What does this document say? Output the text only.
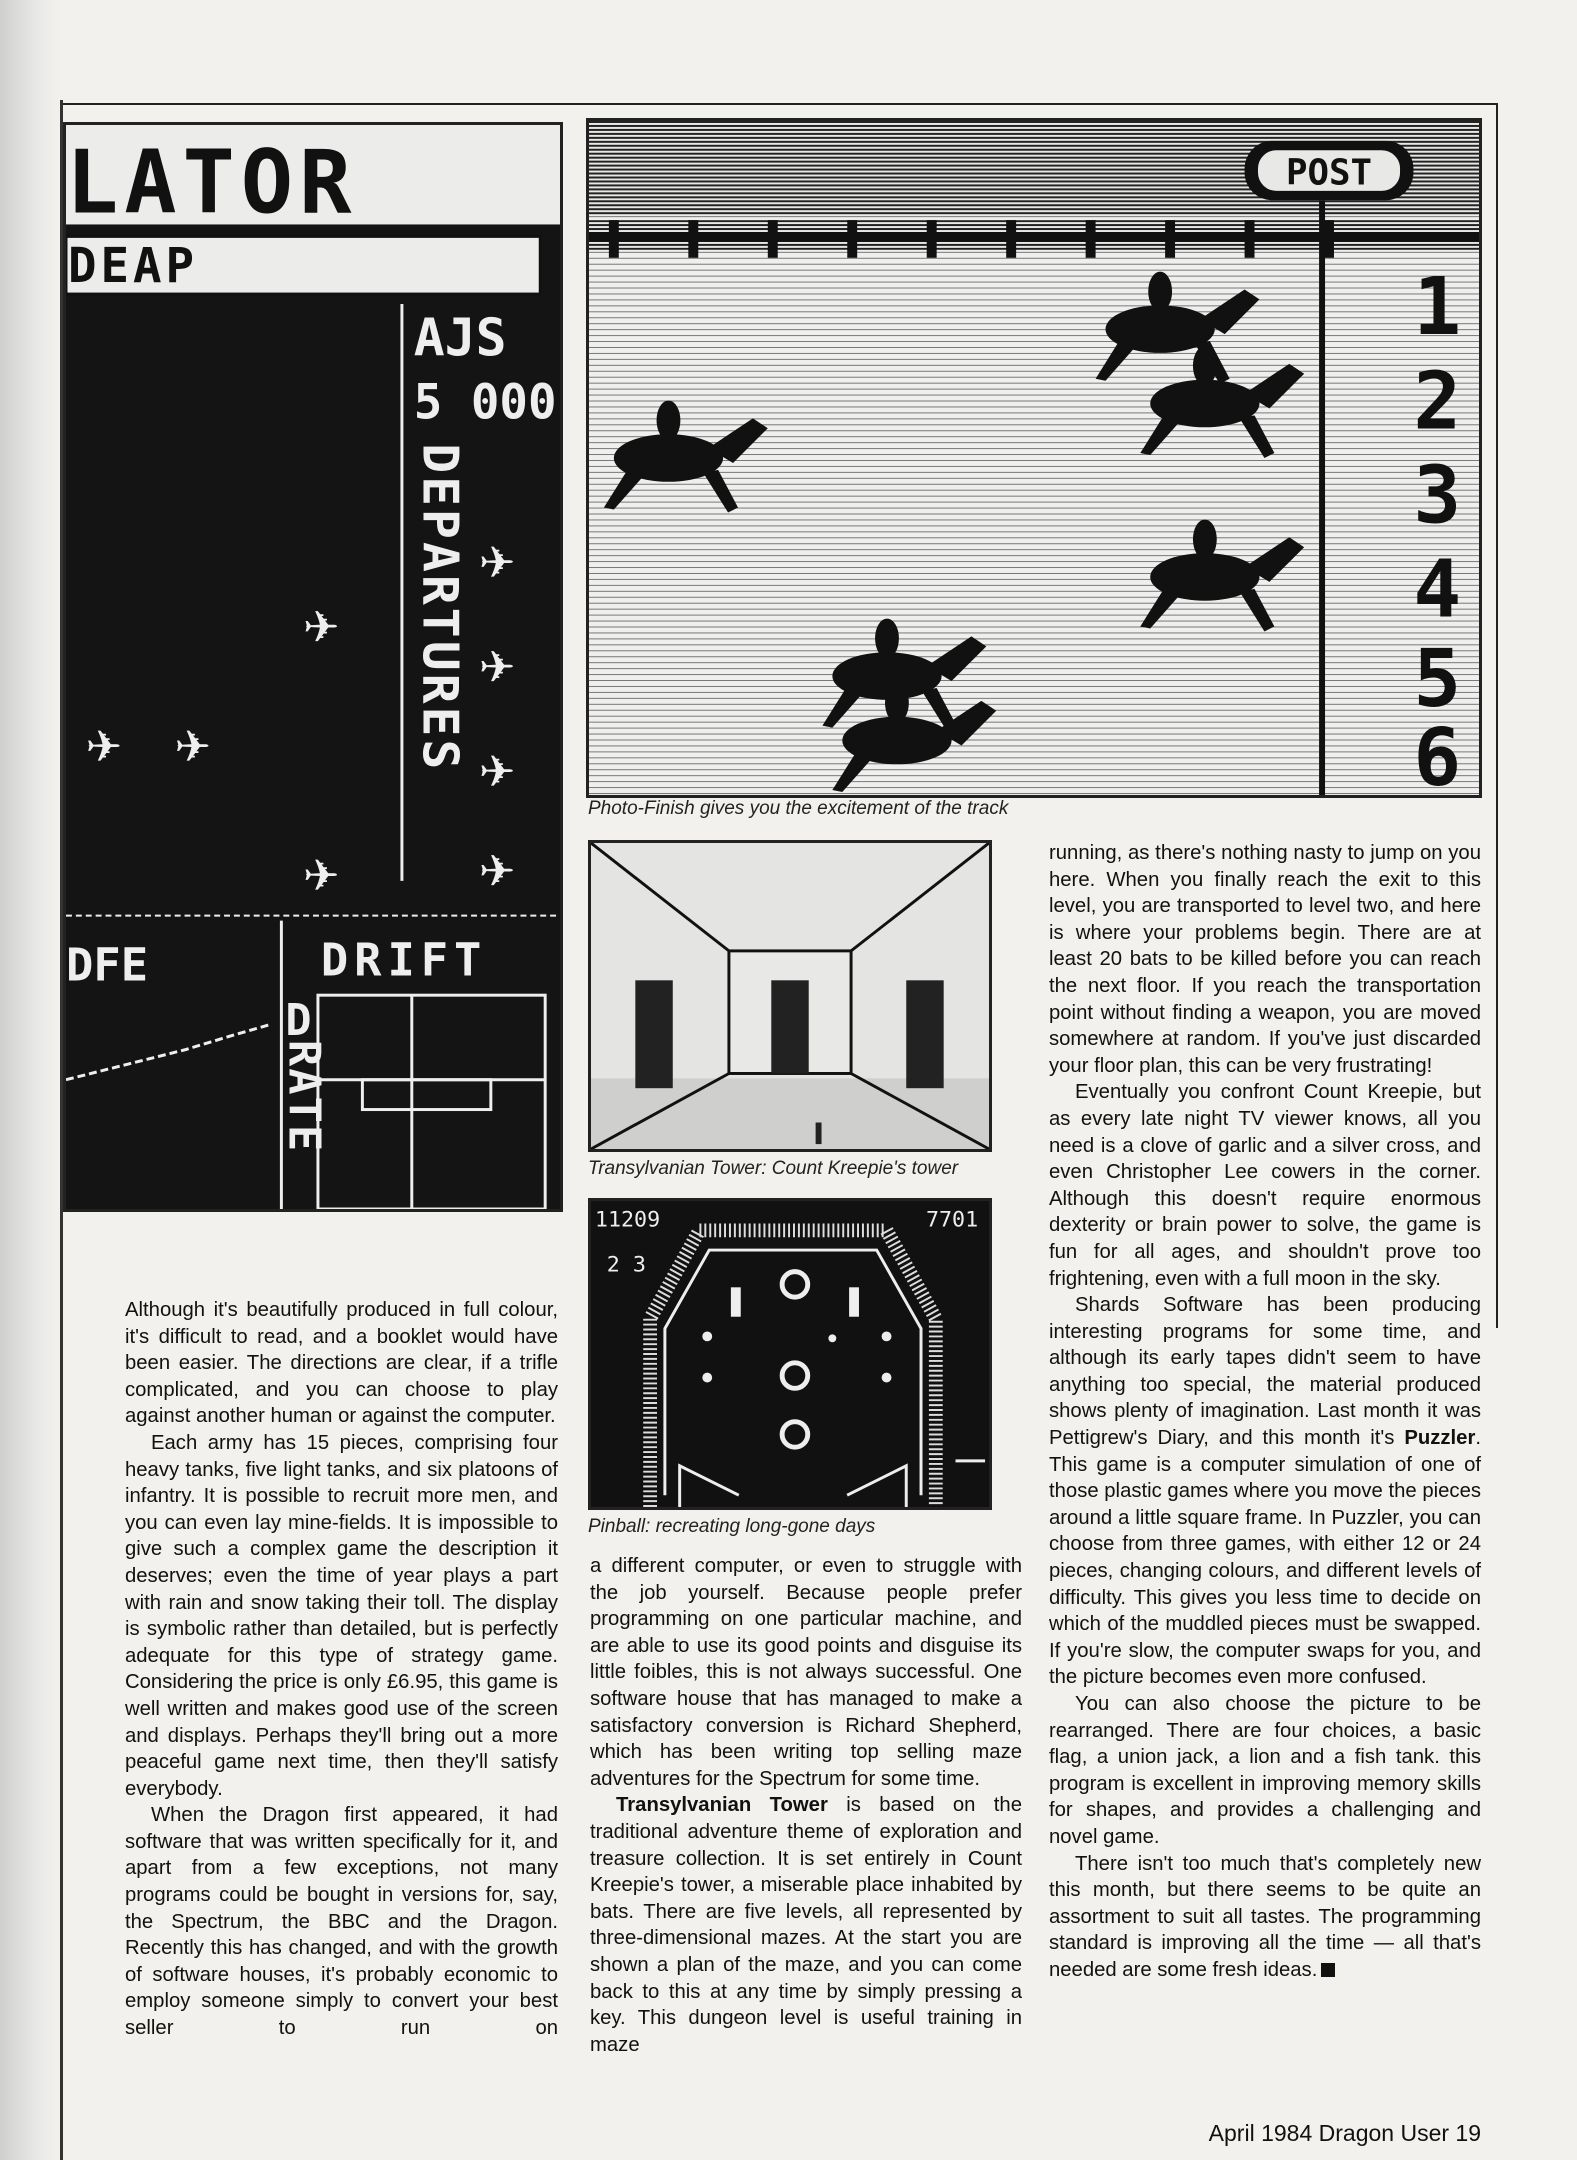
LATOR
DEAP
AJS
5 000
DEPARTURES ✈
✈
✈
✈
✈
✈
✈
✈
DFE	DRIFT
D
RATE
POST
1
2
3
4
5
6
Photo-Finish gives you the excitement of the track
Transylvanian Tower: Count Kreepie's tower
11209	7701
2 3
Pinball: recreating long-gone days

Although it's beautifully produced in full colour, it's difficult to read, and a booklet would have been easier. The directions are clear, if a trifle complicated, and you can choose to play against another human or against the computer.

Each army has 15 pieces, comprising four heavy tanks, five light tanks, and six platoons of infantry. It is possible to recruit more men, and you can even lay mine-fields. It is impossible to give such a complex game the description it deserves; even the time of year plays a part with rain and snow taking their toll. The display is symbolic rather than detailed, but is perfectly adequate for this type of strategy game. Considering the price is only £6.95, this game is well written and makes good use of the screen and displays. Perhaps they'll bring out a more peaceful game next time, then they'll satisfy everybody.

When the Dragon first appeared, it had software that was written specifically for it, and apart from a few exceptions, not many programs could be bought in versions for, say, the Spectrum, the BBC and the Dragon. Recently this has changed, and with the growth of software houses, it's probably economic to employ someone simply to convert your best seller to run on

a different computer, or even to struggle with the job yourself. Because people prefer programming on one particular machine, and are able to use its good points and disguise its little foibles, this is not always successful. One software house that has managed to make a satisfactory conversion is Richard Shepherd, which has been writing top selling maze adventures for the Spectrum for some time.

Transylvanian Tower is based on the traditional adventure theme of exploration and treasure collection. It is set entirely in Count Kreepie's tower, a miserable place inhabited by bats. There are five levels, all represented by three-dimensional mazes. At the start you are shown a plan of the maze, and you can come back to this at any time by simply pressing a key. This dungeon level is useful training in maze

running, as there's nothing nasty to jump on you here. When you finally reach the exit to this level, you are transported to level two, and here is where your problems begin. There are at least 20 bats to be killed before you can reach the next floor. If you reach the transportation point without finding a weapon, you are moved somewhere at random. If you've just discarded your floor plan, this can be very frustrating!

Eventually you confront Count Kreepie, but as every late night TV viewer knows, all you need is a clove of garlic and a silver cross, and even Christopher Lee cowers in the corner. Although this doesn't require enormous dexterity or brain power to solve, the game is fun for all ages, and shouldn't prove too frightening, even with a full moon in the sky.

Shards Software has been producing interesting programs for some time, and although its early tapes didn't seem to have anything too special, the material produced shows plenty of imagination. Last month it was Pettigrew's Diary, and this month it's Puzzler. This game is a computer simulation of one of those plastic games where you move the pieces around a little square frame. In Puzzler, you can choose from three games, with either 12 or 24 pieces, changing colours, and different levels of difficulty. This gives you less time to decide on which of the muddled pieces must be swapped. If you're slow, the computer swaps for you, and the picture becomes even more confused.

You can also choose the picture to be rearranged. There are four choices, a basic flag, a union jack, a lion and a fish tank. this program is excellent in improving memory skills for shapes, and provides a challenging and novel game.

There isn't too much that's completely new this month, but there seems to be quite an assortment to suit all tastes. The programming standard is improving all the time — all that's needed are some fresh ideas.

April 1984 Dragon User 19
